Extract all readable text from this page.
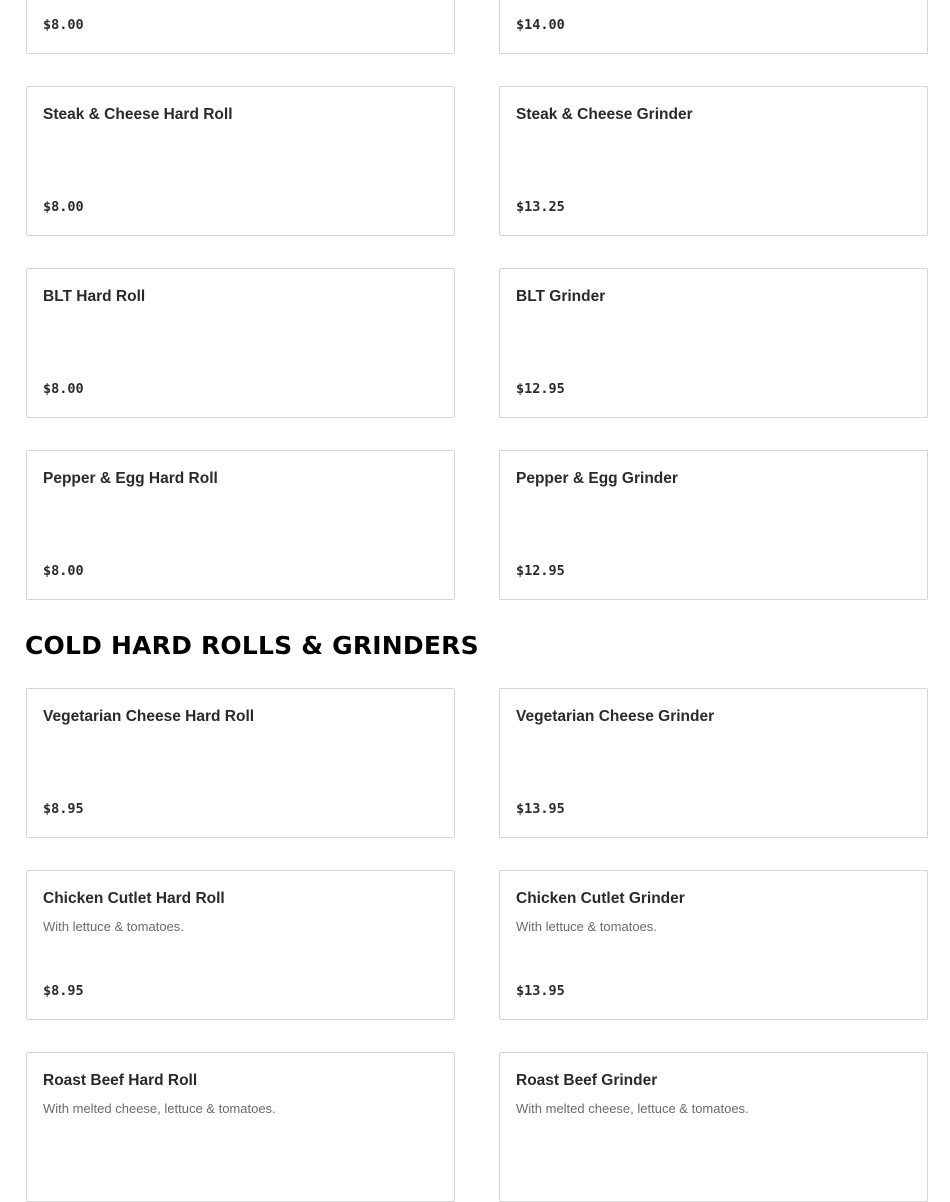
$8.00	$14.00
Steak & Cheese Hard Roll
$8.00
Steak & Cheese Grinder
$13.25
BLT Hard Roll
$8.00
BLT Grinder
$12.95
Pepper & Egg Hard Roll
$8.00
Pepper & Egg Grinder
$12.95
COLD HARD ROLLS & GRINDERS
Vegetarian Cheese Hard Roll
$8.95
Vegetarian Cheese Grinder
$13.95
Chicken Cutlet Hard Roll
With lettuce & tomatoes.
$8.95
Chicken Cutlet Grinder
With lettuce & tomatoes.
$13.95
Roast Beef Hard Roll
With melted cheese, lettuce & tomatoes.
Roast Beef Grinder
With melted cheese, lettuce & tomatoes.
